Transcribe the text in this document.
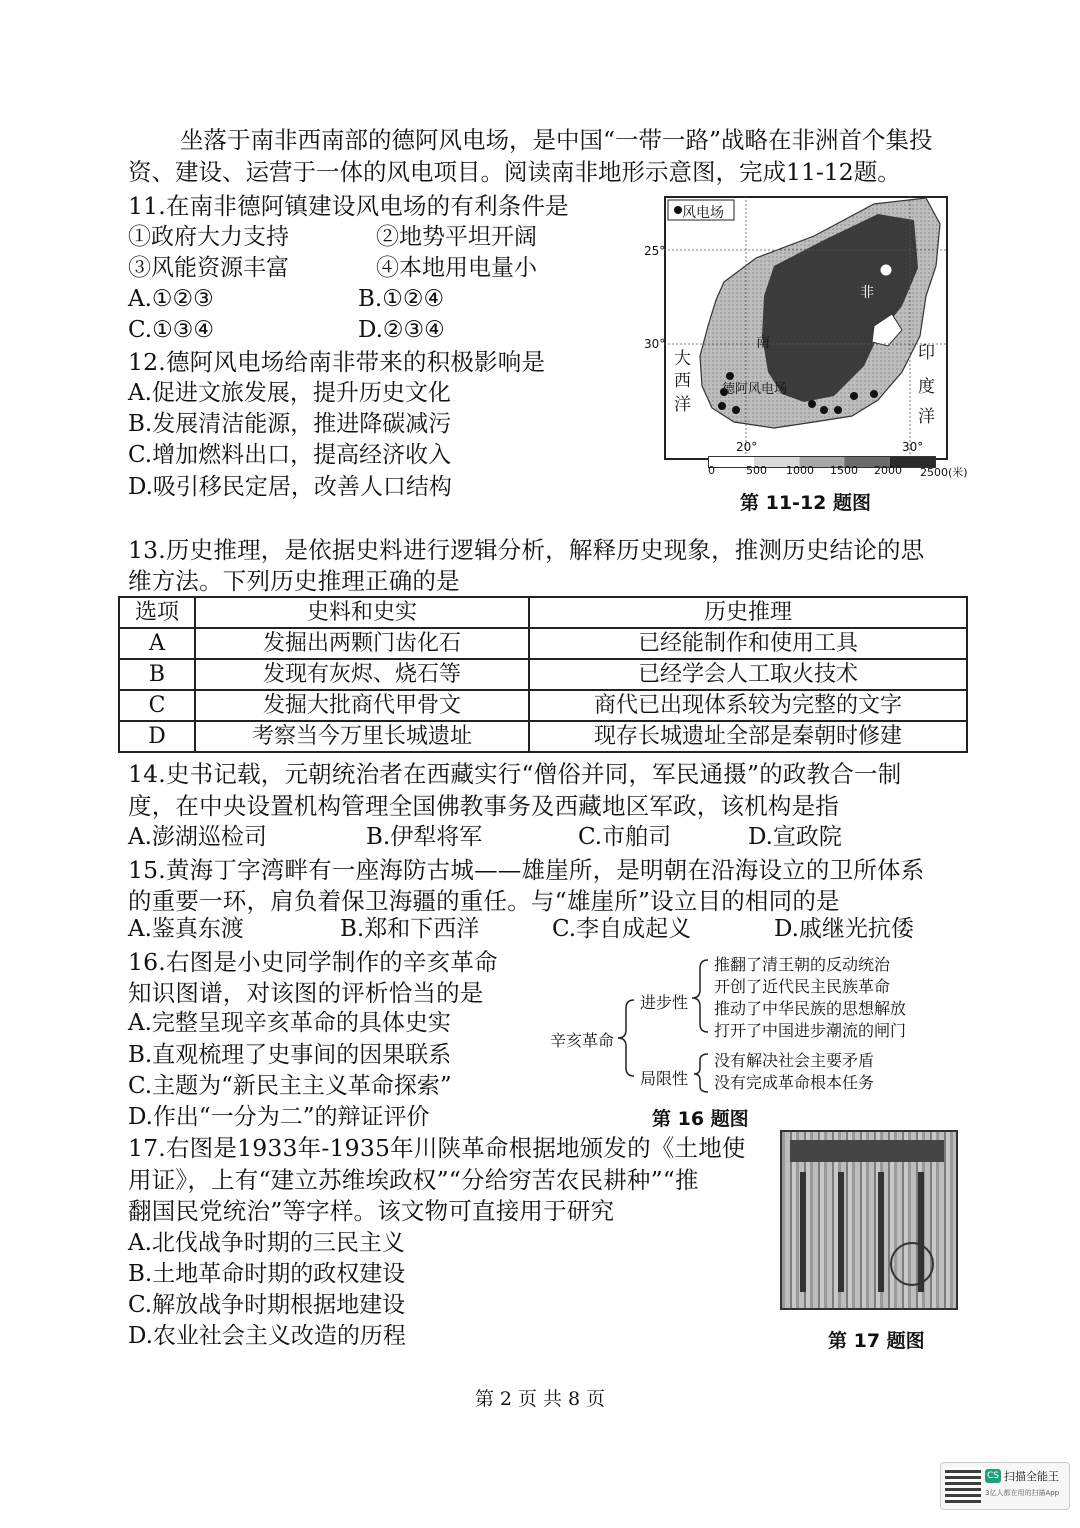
坐落于南非西南部的德阿风电场，是中国“一带一路”战略在非洲首个集投资、建设、运营于一体的风电项目。阅读南非地形示意图，完成11-12题。
11.在南非德阿镇建设风电场的有利条件是
①政府大力支持	②地势平坦开阔
③风能资源丰富	④本地用电量小
A.①②③	B.①②④
C.①③④	D.②③④
12.德阿风电场给南非带来的积极影响是
A.促进文旅发展，提升历史文化
B.发展清洁能源，推进降碳减污
C.增加燃料出口，提高经济收入
D.吸引移民定居，改善人口结构
风电场
非
南
大
西
洋
印
度
洋
德阿风电场
25°
30°
20°	30°
0	500 1000 1500 2000 2500(米)
第 11-12 题图
13.历史推理，是依据史料进行逻辑分析，解释历史现象，推测历史结论的思
维方法。下列历史推理正确的是
选项	史料和史实	历史推理
A	发掘出两颗门齿化石	已经能制作和使用工具
B	发现有灰烬、烧石等	已经学会人工取火技术
C	发掘大批商代甲骨文	商代已出现体系较为完整的文字
D	考察当今万里长城遗址	现存长城遗址全部是秦朝时修建
14.史书记载，元朝统治者在西藏实行“僧俗并同，军民通摄”的政教合一制
度，在中央设置机构管理全国佛教事务及西藏地区军政，该机构是指
A.澎湖巡检司	B.伊犁将军	C.市舶司	D.宣政院
15.黄海丁字湾畔有一座海防古城——雄崖所，是明朝在沿海设立的卫所体系
的重要一环，肩负着保卫海疆的重任。与“雄崖所”设立目的相同的是
A.鉴真东渡	B.郑和下西洋	C.李自成起义	D.戚继光抗倭
16.右图是小史同学制作的辛亥革命
知识图谱，对该图的评析恰当的是
A.完整呈现辛亥革命的具体史实
B.直观梳理了史事间的因果联系
C.主题为“新民主主义革命探索”
D.作出“一分为二”的辩证评价
辛亥革命
进步性
局限性
推翻了清王朝的反动统治
开创了近代民主民族革命
推动了中华民族的思想解放
打开了中国进步潮流的闸门
没有解决社会主要矛盾
没有完成革命根本任务
第 16 题图
17.右图是1933年-1935年川陕革命根据地颁发的《土地使
用证》，上有“建立苏维埃政权”“分给穷苦农民耕种”“推
翻国民党统治”等字样。该文物可直接用于研究
A.北伐战争时期的三民主义
B.土地革命时期的政权建设
C.解放战争时期根据地建设
D.农业社会主义改造的历程	第 17 题图
第 2 页 共 8 页
CS 扫描全能王
3亿人都在用的扫描App
